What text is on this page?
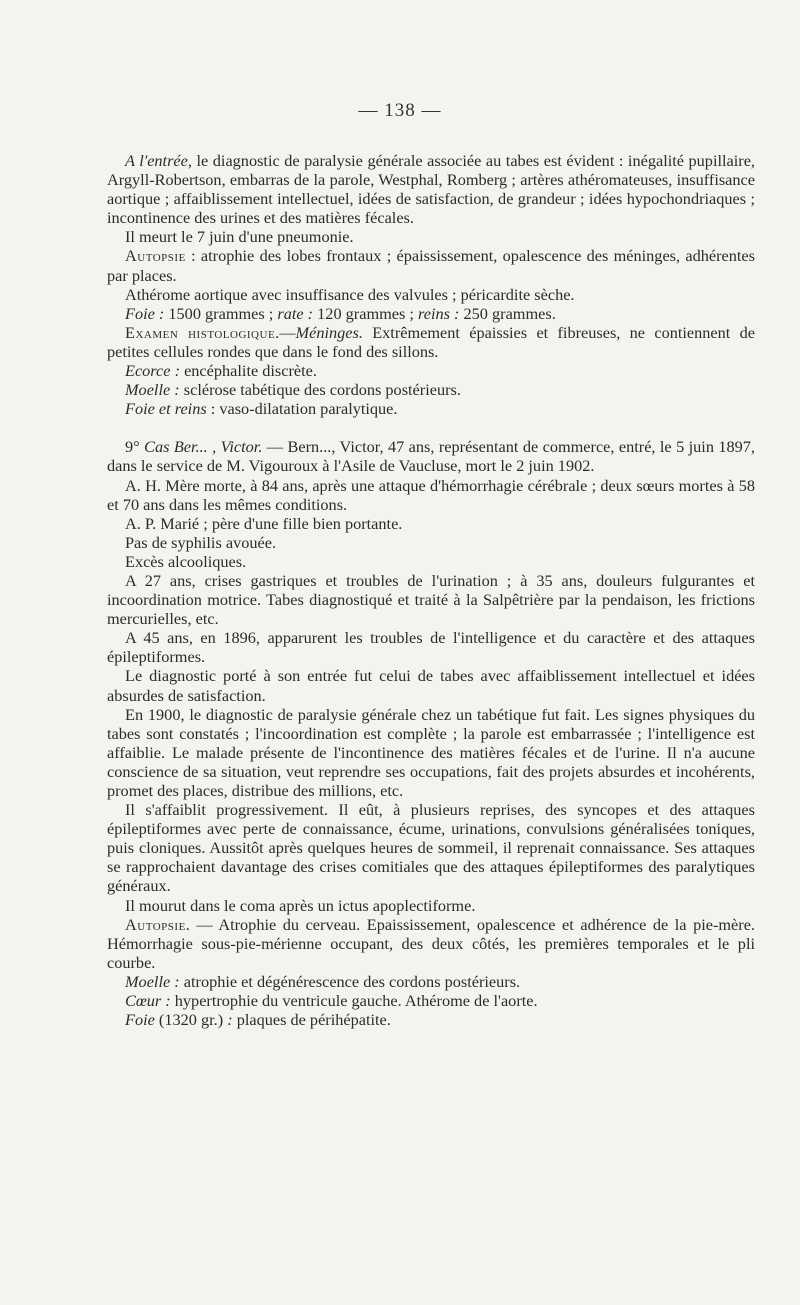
— 138 —

A l'entrée, le diagnostic de paralysie générale associée au tabes est évident : inégalité pupillaire, Argyll-Robertson, embarras de la parole, Westphal, Romberg ; artères athéromateuses, insuffisance aortique ; affaiblissement intellectuel, idées de satisfaction, de grandeur ; idées hypochondriaques ; incontinence des urines et des matières fécales.

Il meurt le 7 juin d'une pneumonie.

Autopsie : atrophie des lobes frontaux ; épaississement, opalescence des méninges, adhérentes par places.

Athérome aortique avec insuffisance des valvules ; péricardite sèche.

Foie : 1500 grammes ; rate : 120 grammes ; reins : 250 grammes.

Examen histologique.—Méninges. Extrêmement épaissies et fibreuses, ne contiennent de petites cellules rondes que dans le fond des sillons.

Ecorce : encéphalite discrète.

Moelle : sclérose tabétique des cordons postérieurs.

Foie et reins : vaso-dilatation paralytique.

9° Cas Ber... , Victor. — Bern..., Victor, 47 ans, représentant de commerce, entré, le 5 juin 1897, dans le service de M. Vigouroux à l'Asile de Vaucluse, mort le 2 juin 1902.

A. H. Mère morte, à 84 ans, après une attaque d'hémorrhagie cérébrale ; deux sœurs mortes à 58 et 70 ans dans les mêmes conditions.

A. P. Marié ; père d'une fille bien portante.

Pas de syphilis avouée.

Excès alcooliques.

A 27 ans, crises gastriques et troubles de l'urination ; à 35 ans, douleurs fulgurantes et incoordination motrice. Tabes diagnostiqué et traité à la Salpêtrière par la pendaison, les frictions mercurielles, etc.

A 45 ans, en 1896, apparurent les troubles de l'intelligence et du caractère et des attaques épileptiformes.

Le diagnostic porté à son entrée fut celui de tabes avec affaiblissement intellectuel et idées absurdes de satisfaction.

En 1900, le diagnostic de paralysie générale chez un tabétique fut fait. Les signes physiques du tabes sont constatés ; l'incoordination est complète ; la parole est embarrassée ; l'intelligence est affaiblie. Le malade présente de l'incontinence des matières fécales et de l'urine. Il n'a aucune conscience de sa situation, veut reprendre ses occupations, fait des projets absurdes et incohérents, promet des places, distribue des millions, etc.

Il s'affaiblit progressivement. Il eût, à plusieurs reprises, des syncopes et des attaques épileptiformes avec perte de connaissance, écume, urinations, convulsions généralisées toniques, puis cloniques. Aussitôt après quelques heures de sommeil, il reprenait connaissance. Ses attaques se rapprochaient davantage des crises comitiales que des attaques épileptiformes des paralytiques généraux.

Il mourut dans le coma après un ictus apoplectiforme.

Autopsie. — Atrophie du cerveau. Epaississement, opalescence et adhérence de la pie-mère. Hémorrhagie sous-pie-mérienne occupant, des deux côtés, les premières temporales et le pli courbe.

Moelle : atrophie et dégénérescence des cordons postérieurs.

Cœur : hypertrophie du ventricule gauche. Athérome de l'aorte.

Foie (1320 gr.) : plaques de périhépatite.
